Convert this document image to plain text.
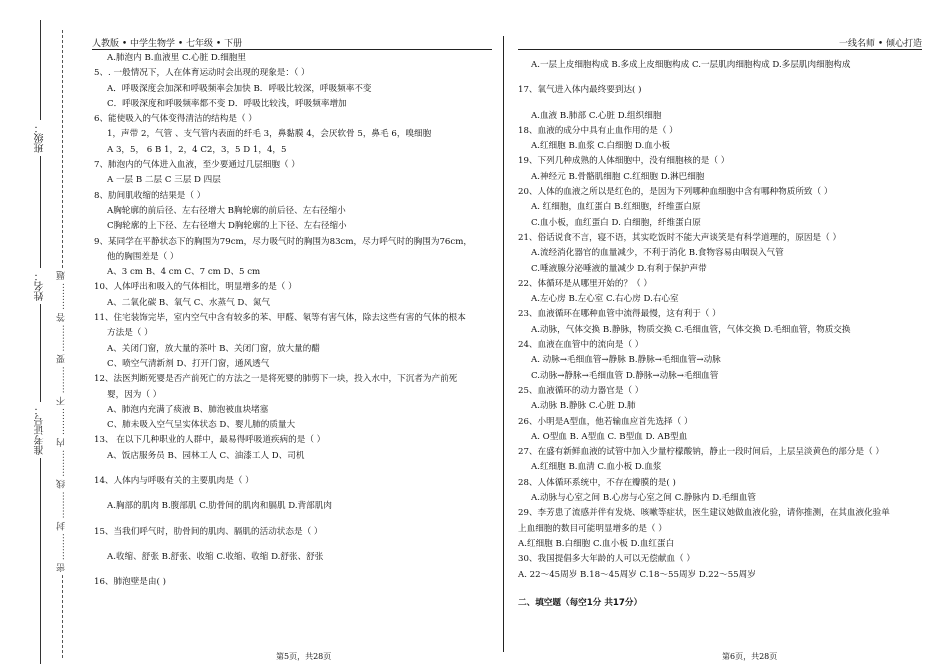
班级：
姓名：
准考证号： 密 ……… 封 ……… 线 ……… 内 ……… 不 ……… 要 ……… 答 ……… 题
人教版 • 中学生物学 • 七年级 • 下册	一线名师 • 倾心打造
A.肺泡内 B.血液里 C.心脏 D.细胞里
5、. 一般情况下，人在体育运动时会出现的现象是：（ ）
A．呼吸深度会加深和呼吸频率会加快 B．呼吸比较深，呼吸频率不变
C．呼吸深度和呼吸频率都不变 D．呼吸比较浅，呼吸频率增加
6、能使吸入的气体变得清洁的结构是（ ）
1，声带 2，气管 、支气管内表面的纤毛 3，鼻黏膜 4，会厌软骨 5，鼻毛 6，嗅细胞
A 3，5， 6 B 1，2，4 C2，3，5 D 1，4，5
7、肺泡内的气体进入血液，至少要通过几层细胞（ ）
A 一层 B 二层 C 三层 D 四层
8、肋间肌收缩的结果是（ ）
A胸轮廓的前后径、左右径增大 B胸轮廓的前后径、左右径缩小
C胸轮廓的上下径、左右径增大 D胸轮廓的上下径、左右径缩小
9、某同学在平静状态下的胸围为79cm，尽力吸气时的胸围为83cm，尽力呼气时的胸围为76cm，
他的胸围差是（ ）
A、3 cm B、4 cm C、7 cm D、5 cm
10、人体呼出和吸入的气体相比，明显增多的是（ ）
A、二氧化碳 B、氧气 C、水蒸气 D、氮气
11、住宅装饰完毕，室内空气中含有较多的苯、甲醛、氡等有害气体，除去这些有害的气体的根本
方法是（ ）
A、关闭门窗，放大量的茶叶 B、关闭门窗，放大量的醋
C、喷空气清新剂 D、打开门窗，通风透气
12、法医判断死婴是否产前死亡的方法之一是将死婴的肺剪下一块，投入水中，下沉者为产前死
婴，因为（ ）
A、肺泡内充满了痰液 B、肺泡被血块堵塞
C、肺未吸入空气呈实体状态 D、婴儿肺的质量大
13、 在以下几种职业的人群中，最易得呼吸道疾病的是（ ）
A、饭店服务员 B、园林工人 C、油漆工人 D、司机
14、人体内与呼吸有关的主要肌肉是（ ）
A.胸部的肌肉 B.腹部肌 C.肋骨间的肌肉和膈肌 D.背部肌肉
15、当我们呼气时，肋骨间的肌肉、膈肌的活动状态是（ ）
A.收缩、舒张 B.舒张、收缩 C.收缩、收缩 D.舒张、舒张
16、肺泡壁是由( )
A.一层上皮细胞构成 B.多成上皮细胞构成 C.一层肌肉细胞构成 D.多层肌肉细胞构成
17、氧气进入体内最终要到达( )
A.血液 B.肺部 C.心脏 D.组织细胞
18、血液的成分中具有止血作用的是（ ）
A.红细胞 B.血浆 C.白细胞 D.血小板
19、下列几种成熟的人体细胞中，没有细胞核的是（ ）
A.神经元 B.骨骼肌细胞 C.红细胞 D.淋巴细胞
20、人体的血液之所以是红色的，是因为下列哪种血细胞中含有哪种物质所致（ ）
A. 红细胞，血红蛋白 B.红细胞，纤维蛋白原
C.血小板，血红蛋白 D. 白细胞，纤维蛋白原
21、俗话说食不言，寝不语，其实吃饭时不能大声谈笑是有科学道理的，原因是（ ）
A.流经消化器官的血量减少，不利于消化 B.食物容易由咽误入气管
C.唾液腺分泌唾液的量减少 D.有利于保护声带
22、体循环是从哪里开始的？（ ）
A.左心房 B.左心室 C.右心房 D.右心室
23、血液循环在哪种血管中流得最慢，这有利于（ ）
A.动脉，气体交换 B.静脉，物质交换 C.毛细血管，气体交换 D.毛细血管，物质交换
24、血液在血管中的流向是（ ）
A. 动脉→毛细血管→静脉 B.静脉→毛细血管→动脉
C.动脉→静脉→毛细血管 D.静脉→动脉→毛细血管
25、血液循环的动力器官是（ ）
A.动脉 B.静脉 C.心脏 D.肺
26、小明是A型血，他若输血应首先选择（ ）
A. O型血 B. A型血 C. B型血 D. AB型血
27、在盛有新鲜血液的试管中加入少量柠檬酸钠，静止一段时间后，上层呈淡黄色的部分是（ ）
A.红细胞 B.血清 C.血小板 D.血浆
28、人体循环系统中，不存在瓣膜的是( )
A.动脉与心室之间 B.心房与心室之间 C.静脉内 D.毛细血管
29、李芳患了流感并伴有发烧、咳嗽等症状，医生建议她做血液化验，请你推测，在其血液化验单
上血细胞的数目可能明显增多的是（ ）
A.红细胞 B.白细胞 C.血小板 D.血红蛋白
30、我国提倡多大年龄的人可以无偿献血（ ）
A. 22～45周岁 B.18～45周岁 C.18～55周岁 D.22～55周岁
二、填空题（每空1分 共17分）
第5页，共28页	第6页，共28页
